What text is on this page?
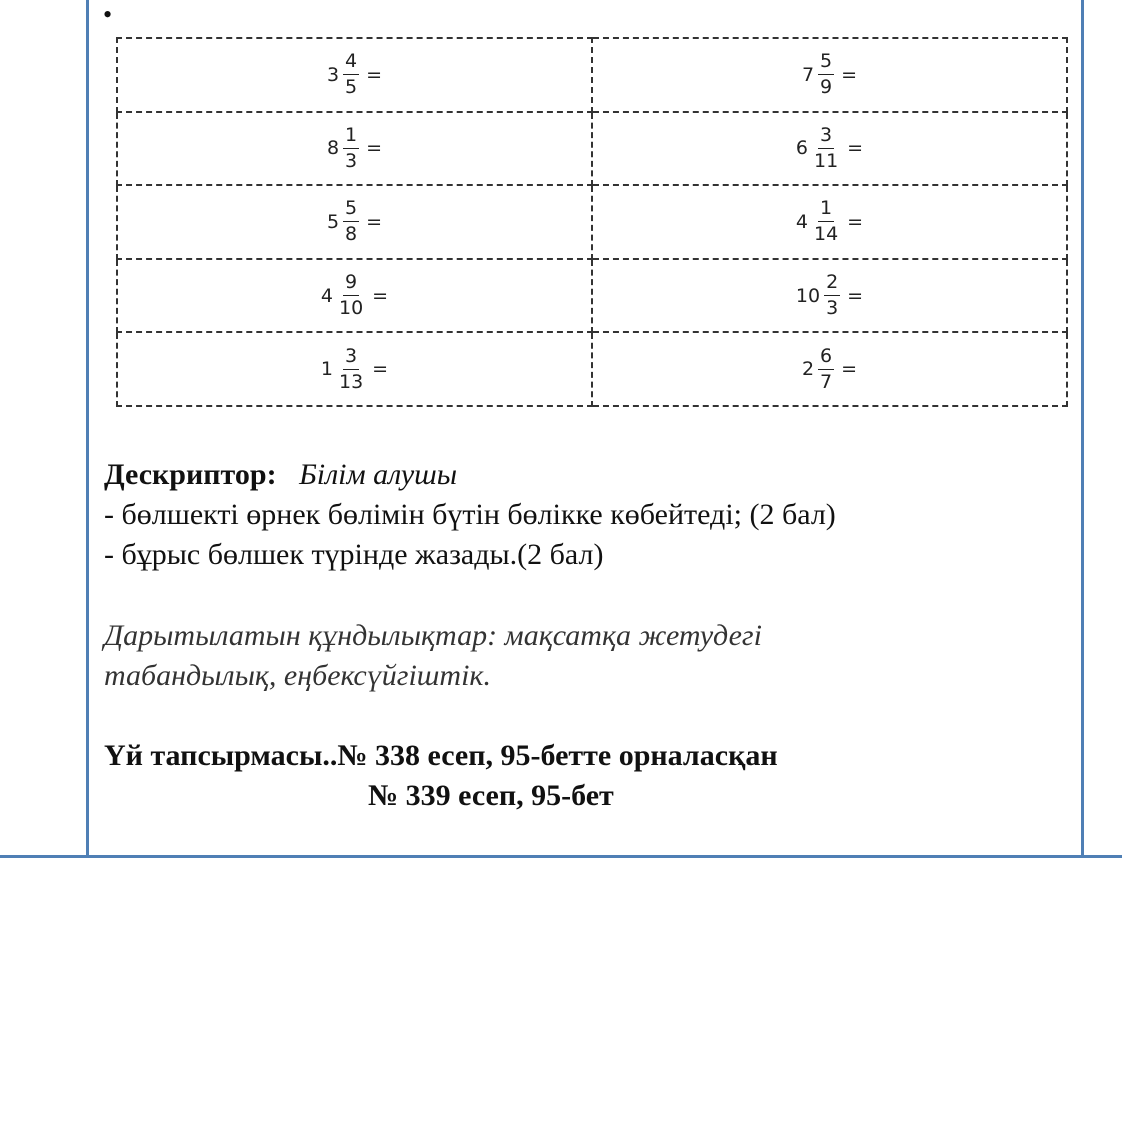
•
$3 \frac{4}{5}$ =	$7 \frac{5}{9}$ =

$8 \frac{1}{3}$ =	$6 \frac{3}{11}$ =

$5 \frac{5}{8}$ =	$4 \frac{1}{14}$ =

$4 \frac{9}{10}$ =	$10 \frac{2}{3}$ =

$1 \frac{3}{13}$ =	$2 \frac{6}{7}$ =
Дескриптор: Білім алушы
- бөлшекті өрнек бөлімін бүтін бөлікке көбейтеді; (2 бал)
- бұрыс бөлшек түрінде жазады.(2 бал)
Дарытылатын құндылықтар: мақсатқа жетудегі
табандылық, еңбексүйгіштік.
Үй тапсырмасы..№ 338 есеп, 95-бетте орналасқан
№ 339 есеп, 95-бет
